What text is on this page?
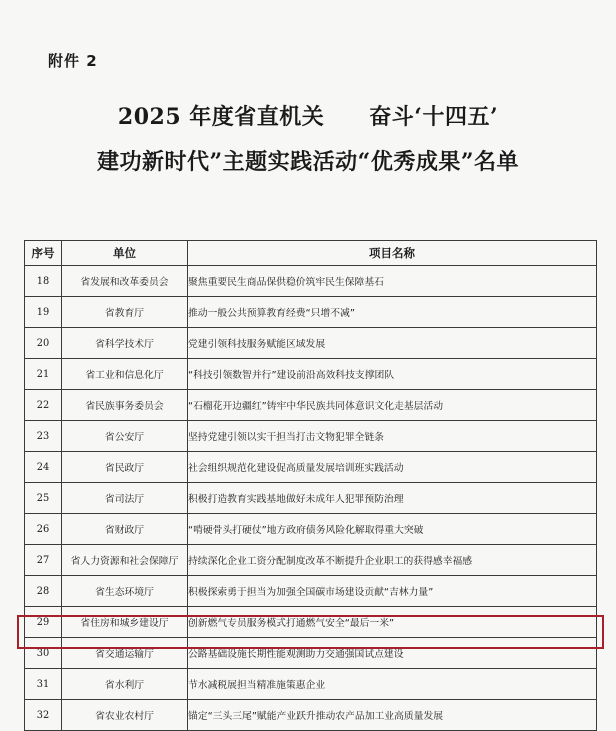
附件 2
2025 年度省直机关　　奋斗‘十四五’
建功新时代”主题实践活动“优秀成果”名单
序号	单位	项目名称
18	省发展和改革委员会	聚焦重要民生商品保供稳价筑牢民生保障基石
19	省教育厅	推动一般公共预算教育经费“只增不减”
20	省科学技术厅	党建引领科技服务赋能区域发展
21	省工业和信息化厅	“科技引领数智并行”建设前沿高效科技支撑团队
22	省民族事务委员会	“石榴花开边疆红”铸牢中华民族共同体意识文化走基层活动
23	省公安厅	坚持党建引领以实干担当打击文物犯罪全链条
24	省民政厅	社会组织规范化建设促高质量发展培训班实践活动
25	省司法厅	积极打造教育实践基地做好未成年人犯罪预防治理
26	省财政厅	“啃硬骨头打硬仗”地方政府债务风险化解取得重大突破
27	省人力资源和社会保障厅	持续深化企业工资分配制度改革不断提升企业职工的获得感幸福感
28	省生态环境厅	积极探索勇于担当为加强全国碳市场建设贡献“吉林力量”
29	省住房和城乡建设厅	创新燃气专员服务模式打通燃气安全“最后一米”
30	省交通运输厅	公路基础设施长期性能观测助力交通强国试点建设
31	省水利厅	节水减税展担当精准施策惠企业
32	省农业农村厅	锚定“三头三尾”赋能产业跃升推动农产品加工业高质量发展
